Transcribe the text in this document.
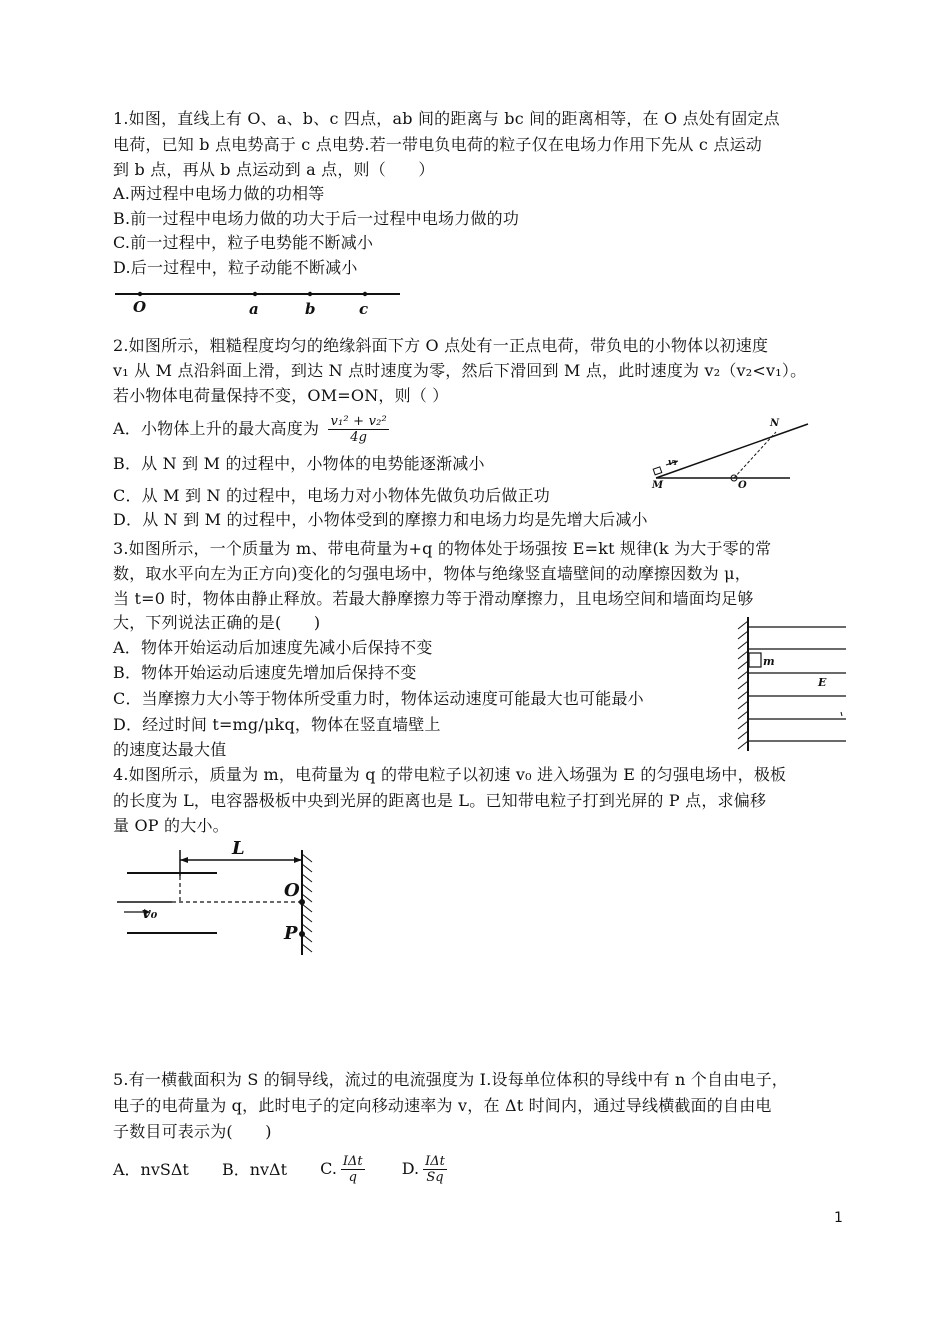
1.如图，直线上有 O、a、b、c 四点，ab 间的距离与 bc 间的距离相等，在 O 点处有固定点
电荷，已知 b 点电势高于 c 点电势.若一带电负电荷的粒子仅在电场力作用下先从 c 点运动
到 b 点，再从 b 点运动到 a 点，则（　　）
A.两过程中电场力做的功相等
B.前一过程中电场力做的功大于后一过程中电场力做的功
C.前一过程中，粒子电势能不断减小
D.后一过程中，粒子动能不断减小
O	a	b	c
2.如图所示，粗糙程度均匀的绝缘斜面下方 O 点处有一正点电荷，带负电的小物体以初速度
v₁ 从 M 点沿斜面上滑，到达 N 点时速度为零，然后下滑回到 M 点，此时速度为 v₂（v₂<v₁）。
若小物体电荷量保持不变，OM=ON，则（ ）
A．小物体上升的最大高度为 $\frac{\text{v₁² + v₂²}}{4g}$
B．从 N 到 M 的过程中，小物体的电势能逐渐减小
C．从 M 到 N 的过程中，电场力对小物体先做负功后做正功
D．从 N 到 M 的过程中，小物体受到的摩擦力和电场力均是先增大后减小
N
M	O
v₁
3.如图所示，一个质量为 m、带电荷量为+q 的物体处于场强按 E=kt 规律(k 为大于零的常
数，取水平向左为正方向)变化的匀强电场中，物体与绝缘竖直墙壁间的动摩擦因数为 μ，
当 t=0 时，物体由静止释放。若最大静摩擦力等于滑动摩擦力，且电场空间和墙面均足够
大，下列说法正确的是(　　)
A．物体开始运动后加速度先减小后保持不变
B．物体开始运动后速度先增加后保持不变
C．当摩擦力大小等于物体所受重力时，物体运动速度可能最大也可能最小
D．经过时间 t=mg/μkq，物体在竖直墙壁上
的速度达最大值
m
E
4.如图所示，质量为 m，电荷量为 q 的带电粒子以初速 v₀ 进入场强为 E 的匀强电场中，极板
的长度为 L，电容器极板中央到光屏的距离也是 L。已知带电粒子打到光屏的 P 点，求偏移
量 OP 的大小。
L
O
P
v₀
5.有一横截面积为 S 的铜导线，流过的电流强度为 I.设每单位体积的导线中有 n 个自由电子，
电子的电荷量为 q，此时电子的定向移动速率为 v，在 Δt 时间内，通过导线横截面的自由电
子数目可表示为(　　)
A．nvSΔt B．nvΔt C. $\frac{\text{IΔt}}{q} D$. $\frac{\text{IΔt}}{Sq}$
1
